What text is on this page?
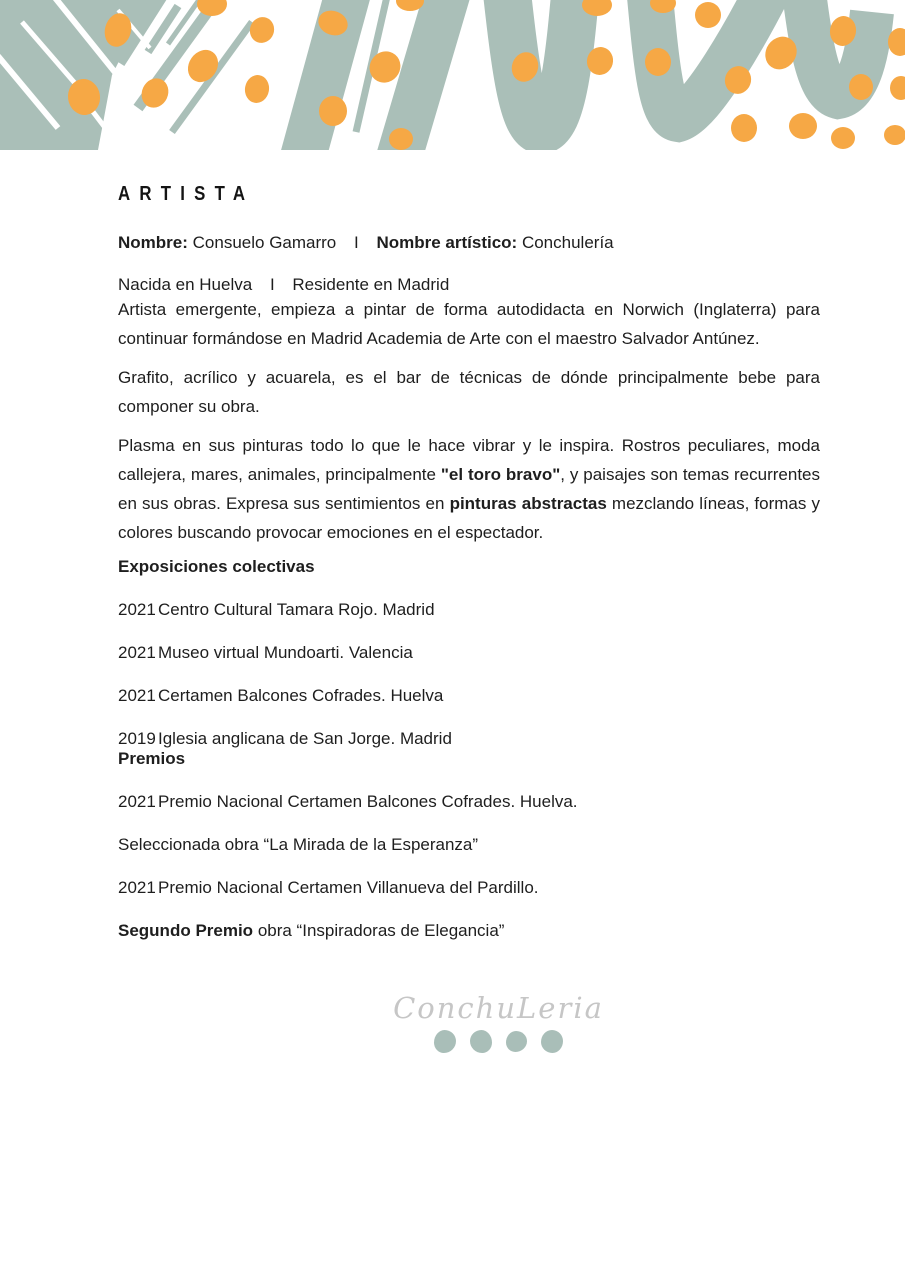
ARTISTA

Nombre: Consuelo Gamarro I Nombre artístico: Conchulería

Nacida en Huelva I Residente en Madrid

Artista emergente, empieza a pintar de forma autodidacta en Norwich (Inglaterra) para continuar formándose en Madrid Academia de Arte con el maestro Salvador Antúnez.

Grafito, acrílico y acuarela, es el bar de técnicas de dónde principalmente bebe para componer su obra.

Plasma en sus pinturas todo lo que le hace vibrar y le inspira. Rostros peculiares, moda callejera, mares, animales, principalmente "el toro bravo", y paisajes son temas recurrentes en sus obras. Expresa sus sentimientos en pinturas abstractas mezclando líneas, formas y colores buscando provocar emociones en el espectador.

Exposiciones colectivas
2021 Centro Cultural Tamara Rojo. Madrid
2021 Museo virtual Mundoarti. Valencia
2021 Certamen Balcones Cofrades. Huelva
2019 Iglesia anglicana de San Jorge. Madrid
Premios
2021 Premio Nacional Certamen Balcones Cofrades. Huelva.
Seleccionada obra “La Mirada de la Esperanza”
2021 Premio Nacional Certamen Villanueva del Pardillo.
Segundo Premio obra “Inspiradoras de Elegancia”
ConchuLeria
